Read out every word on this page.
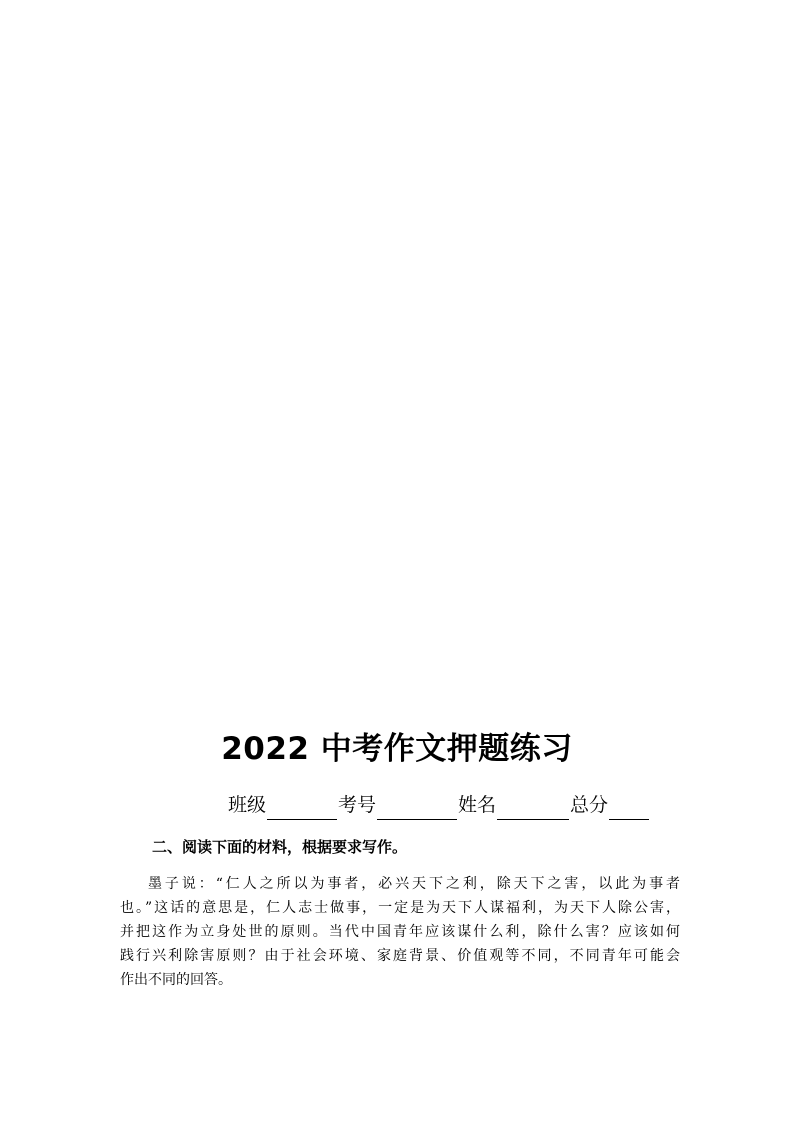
2022 中考作文押题练习
班级	考号	姓名	总分
二、阅读下面的材料，根据要求写作。
墨子说：“仁人之所以为事者，必兴天下之利，除天下之害，以此为事者
也。”这话的意思是，仁人志士做事，一定是为天下人谋福利，为天下人除公害，
并把这作为立身处世的原则。当代中国青年应该谋什么利，除什么害？应该如何
践行兴利除害原则？由于社会环境、家庭背景、价值观等不同，不同青年可能会
作出不同的回答。
